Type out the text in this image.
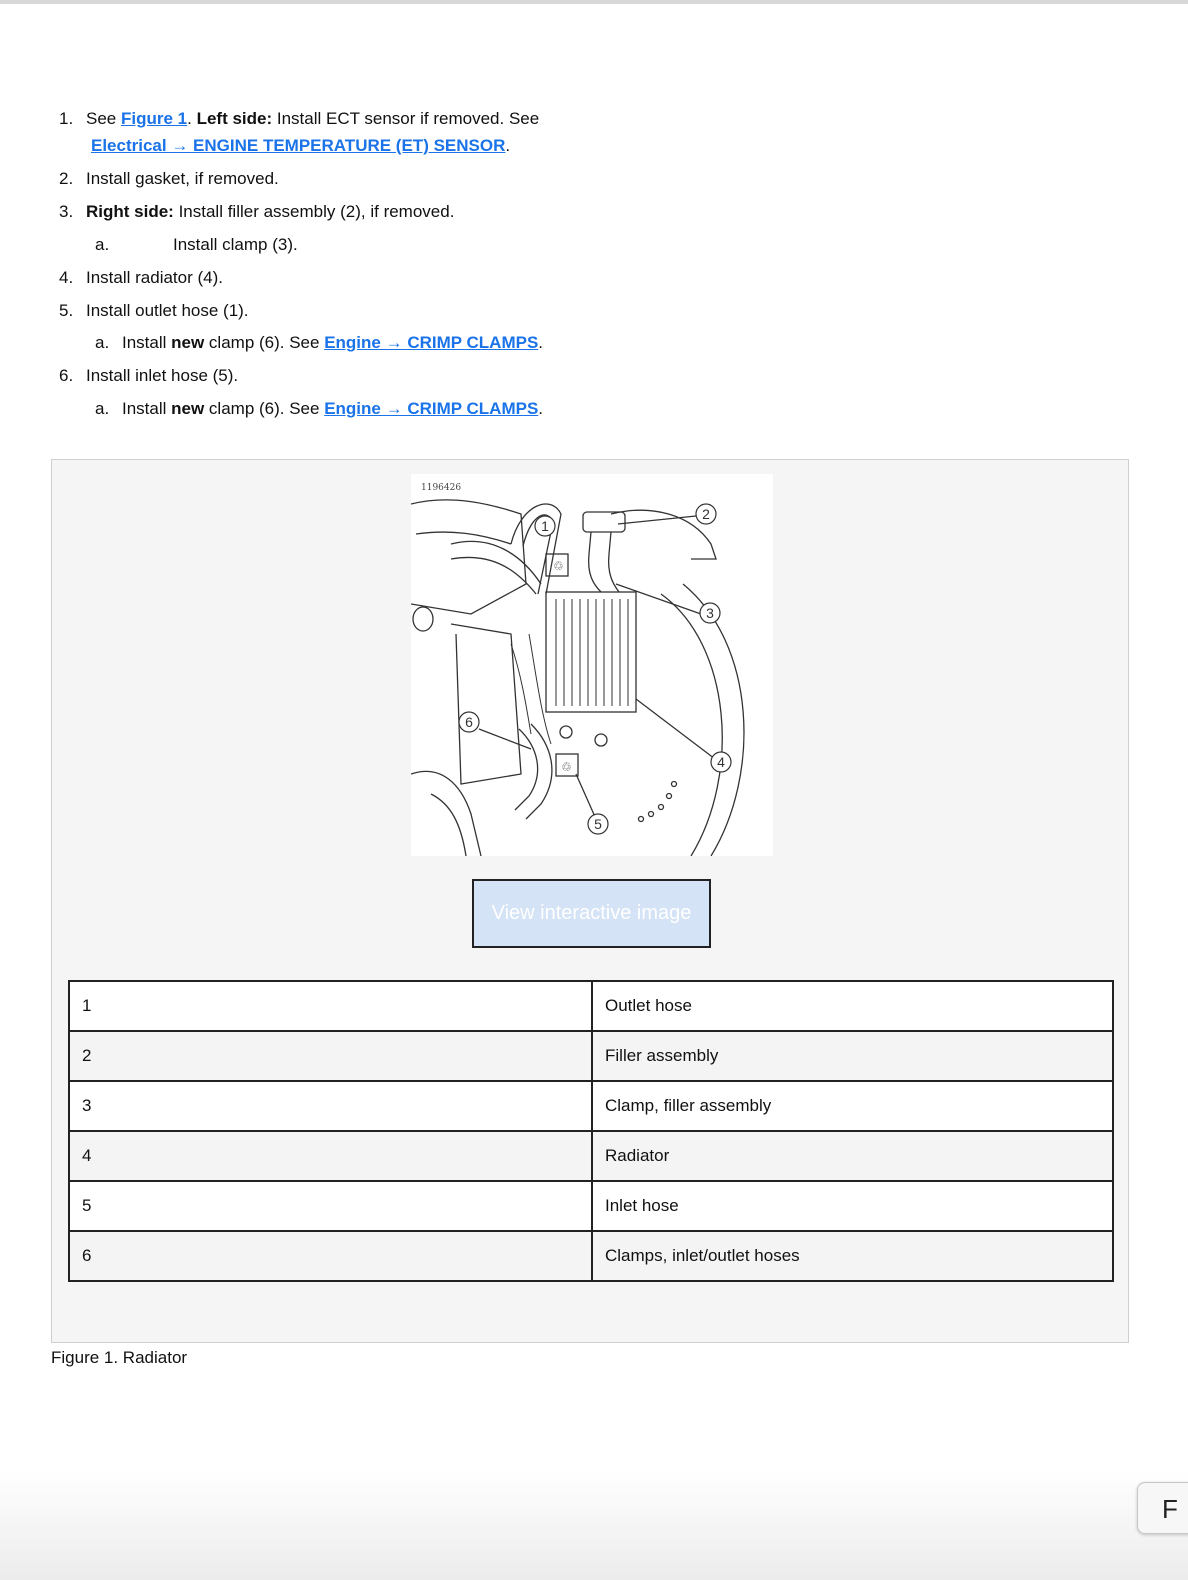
1. See Figure 1. Left side: Install ECT sensor if removed. See
Electrical → ENGINE TEMPERATURE (ET) SENSOR.
2. Install gasket, if removed.
3. Right side: Install filler assembly (2), if removed.
a.	Install clamp (3).
4. Install radiator (4).
5. Install outlet hose (1).
a. Install new clamp (6). See Engine → CRIMP CLAMPS.
6. Install inlet hose (5).
a. Install new clamp (6). See Engine → CRIMP CLAMPS.
♲
♲
1196426
1
2
3
4
5
6
View interactive image
1	Outlet hose
2	Filler assembly
3	Clamp, filler assembly
4	Radiator
5	Inlet hose
6	Clamps, inlet/outlet hoses
Figure 1. Radiator
F
